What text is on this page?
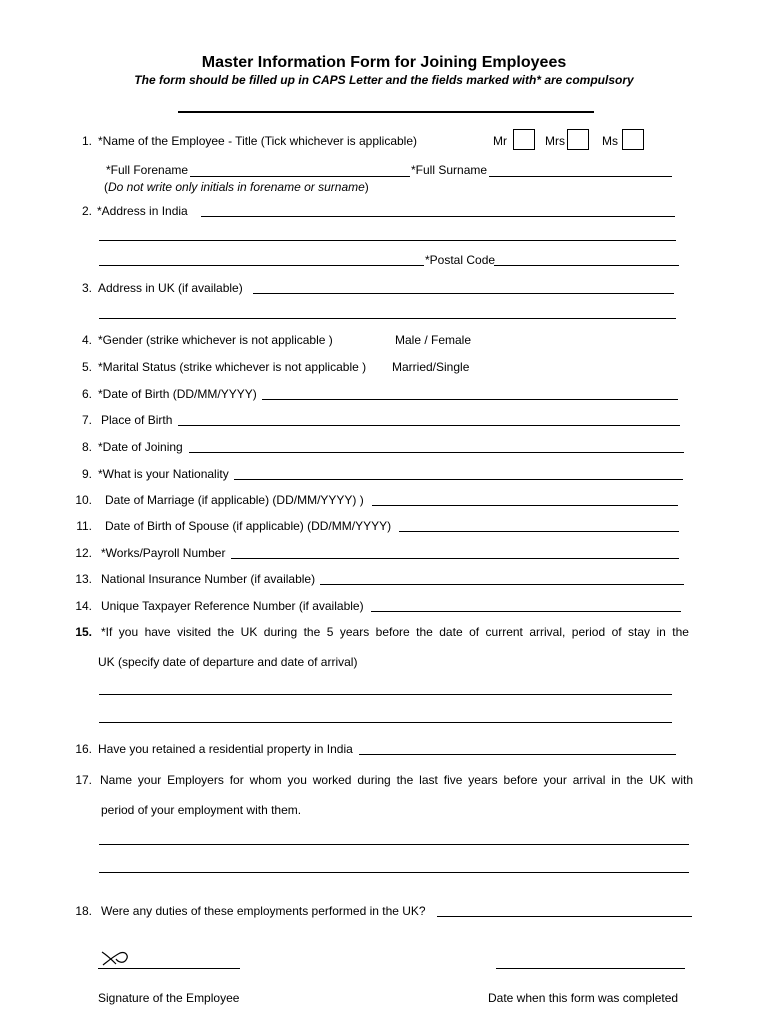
Master Information Form for Joining Employees
The form should be filled up in CAPS Letter and the fields marked with* are compulsory
1. *Name of the Employee - Title (Tick whichever is applicable)	Mr	Mrs	Ms
*Full Forename	*Full Surname
(Do not write only initials in forename or surname)
2. *Address in India
*Postal Code
3. Address in UK (if available)
4. *Gender (strike whichever is not applicable )	Male / Female
5. *Marital Status (strike whichever is not applicable ) Married/Single
6. *Date of Birth (DD/MM/YYYY)
7. Place of Birth
8. *Date of Joining
9. *What is your Nationality
10. Date of Marriage (if applicable) (DD/MM/YYYY) )
11. Date of Birth of Spouse (if applicable) (DD/MM/YYYY)
12. *Works/Payroll Number
13. National Insurance Number (if available)
14. Unique Taxpayer Reference Number (if available)
15. *If you have visited the UK during the 5 years before the date of current arrival, period of stay in the
UK (specify date of departure and date of arrival)
16. Have you retained a residential property in India
17. Name your Employers for whom you worked during the last five years before your arrival in the UK with
period of your employment with them.
18. Were any duties of these employments performed in the UK?
Signature of the Employee	Date when this form was completed
